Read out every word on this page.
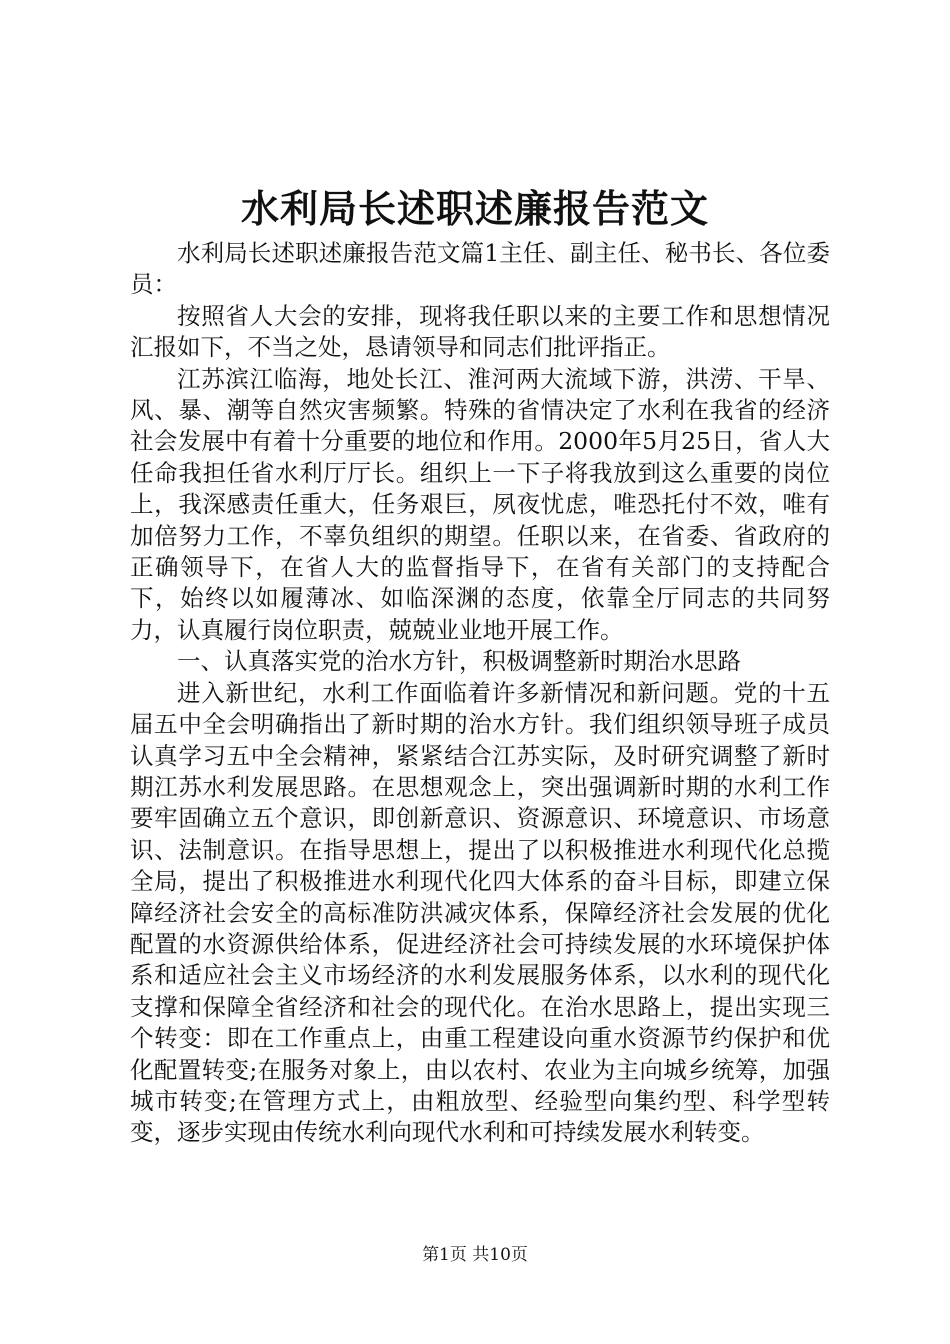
水利局长述职述廉报告范文

水利局长述职述廉报告范文篇1主任、副主任、秘书长、各位委员：

按照省人大会的安排，现将我任职以来的主要工作和思想情况汇报如下，不当之处，恳请领导和同志们批评指正。

江苏滨江临海，地处长江、淮河两大流域下游，洪涝、干旱、风、暴、潮等自然灾害频繁。特殊的省情决定了水利在我省的经济社会发展中有着十分重要的地位和作用。2000年5月25日，省人大任命我担任省水利厅厅长。组织上一下子将我放到这么重要的岗位上，我深感责任重大，任务艰巨，夙夜忧虑，唯恐托付不效，唯有加倍努力工作，不辜负组织的期望。任职以来，在省委、省政府的正确领导下，在省人大的监督指导下，在省有关部门的支持配合下，始终以如履薄冰、如临深渊的态度，依靠全厅同志的共同努力，认真履行岗位职责，兢兢业业地开展工作。

一、认真落实党的治水方针，积极调整新时期治水思路

进入新世纪，水利工作面临着许多新情况和新问题。党的十五届五中全会明确指出了新时期的治水方针。我们组织领导班子成员认真学习五中全会精神，紧紧结合江苏实际，及时研究调整了新时期江苏水利发展思路。在思想观念上，突出强调新时期的水利工作要牢固确立五个意识，即创新意识、资源意识、环境意识、市场意识、法制意识。在指导思想上，提出了以积极推进水利现代化总揽全局，提出了积极推进水利现代化四大体系的奋斗目标，即建立保障经济社会安全的高标准防洪减灾体系，保障经济社会发展的优化配置的水资源供给体系，促进经济社会可持续发展的水环境保护体系和适应社会主义市场经济的水利发展服务体系，以水利的现代化支撑和保障全省经济和社会的现代化。在治水思路上，提出实现三个转变：即在工作重点上，由重工程建设向重水资源节约保护和优化配置转变;在服务对象上，由以农村、农业为主向城乡统筹，加强城市转变;在管理方式上，由粗放型、经验型向集约型、科学型转变，逐步实现由传统水利向现代水利和可持续发展水利转变。

第1页 共10页
